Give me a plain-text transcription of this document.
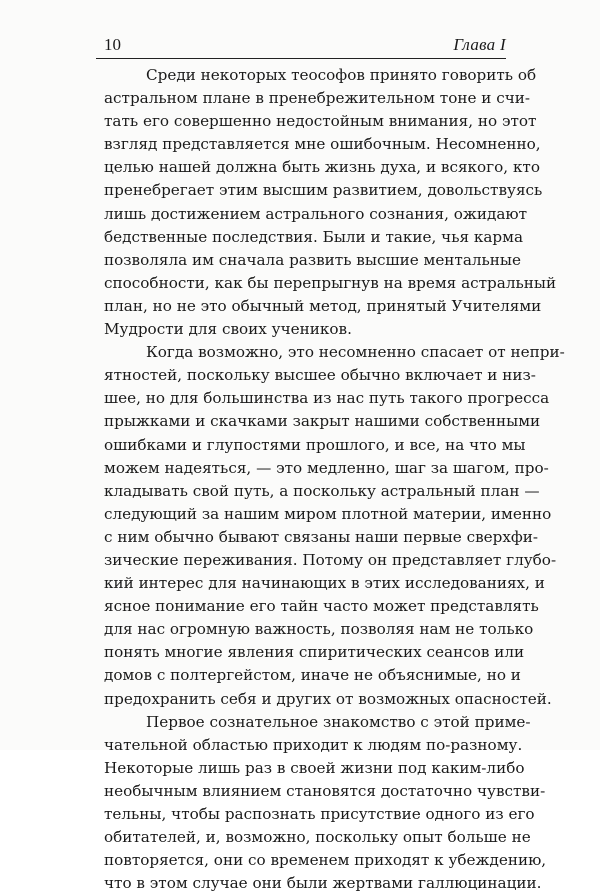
10	Глава I
Среди некоторых теософов принято говорить об
астральном плане в пренебрежительном тоне и счи-
тать его совершенно недостойным внимания, но этот
взгляд представляется мне ошибочным. Несомненно,
целью нашей должна быть жизнь духа, и всякого, кто
пренебрегает этим высшим развитием, довольствуясь
лишь достижением астрального сознания, ожидают
бедственные последствия. Были и такие, чья карма
позволяла им сначала развить высшие ментальные
способности, как бы перепрыгнув на время астральный
план, но не это обычный метод, принятый Учителями
Мудрости для своих учеников.
Когда возможно, это несомненно спасает от непри-
ятностей, поскольку высшее обычно включает и низ-
шее, но для большинства из нас путь такого прогресса
прыжками и скачками закрыт нашими собственными
ошибками и глупостями прошлого, и все, на что мы
можем надеяться, — это медленно, шаг за шагом, про-
кладывать свой путь, а поскольку астральный план —
следующий за нашим миром плотной материи, именно
с ним обычно бывают связаны наши первые сверхфи-
зические переживания. Потому он представляет глубо-
кий интерес для начинающих в этих исследованиях, и
ясное понимание его тайн часто может представлять
для нас огромную важность, позволяя нам не только
понять многие явления спиритических сеансов или
домов с полтергейстом, иначе не объяснимые, но и
предохранить себя и других от возможных опасностей.
Первое сознательное знакомство с этой приме-
чательной областью приходит к людям по-разному.
Некоторые лишь раз в своей жизни под каким-либо
необычным влиянием становятся достаточно чувстви-
тельны, чтобы распознать присутствие одного из его
обитателей, и, возможно, поскольку опыт больше не
повторяется, они со временем приходят к убеждению,
что в этом случае они были жертвами галлюцинации.
